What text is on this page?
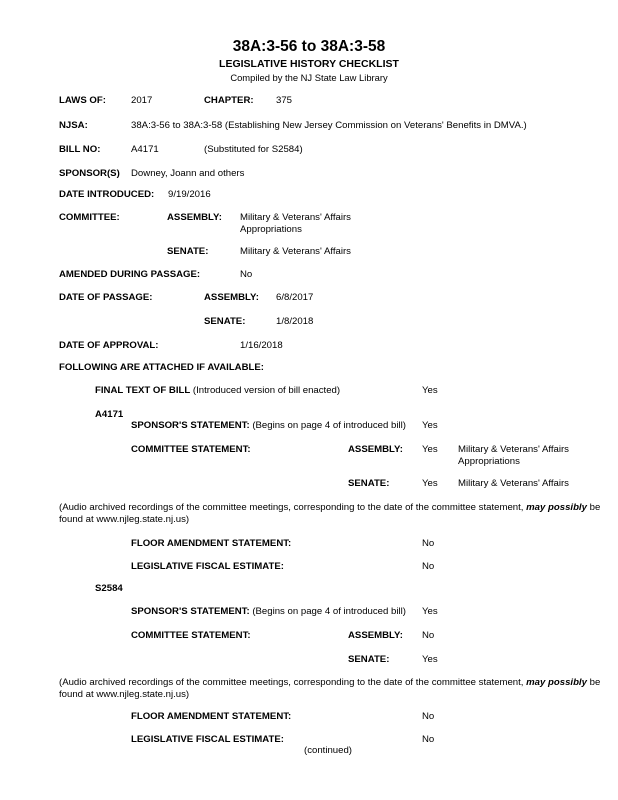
38A:3-56 to 38A:3-58
LEGISLATIVE HISTORY CHECKLIST
Compiled by the NJ State Law Library
LAWS OF:	2017	CHAPTER: 375
NJSA:	38A:3-56 to 38A:3-58 (Establishing New Jersey Commission on Veterans' Benefits in DMVA.)
BILL NO:	A4171	(Substituted for S2584)
SPONSOR(S) Downey, Joann and others
DATE INTRODUCED: 9/19/2016
COMMITTEE:	ASSEMBLY: Military & Veterans' Affairs
Appropriations
SENATE:	Military & Veterans' Affairs
AMENDED DURING PASSAGE:	No
DATE OF PASSAGE:	ASSEMBLY: 6/8/2017
SENATE:	1/8/2018
DATE OF APPROVAL:	1/16/2018
FOLLOWING ARE ATTACHED IF AVAILABLE:
FINAL TEXT OF BILL (Introduced version of bill enacted)	Yes
A4171
SPONSOR'S STATEMENT: (Begins on page 4 of introduced bill) Yes
COMMITTEE STATEMENT:	ASSEMBLY: Yes Military & Veterans' Affairs
Appropriations
SENATE:	Yes Military & Veterans' Affairs
(Audio archived recordings of the committee meetings, corresponding to the date of the committee statement, may possibly be found at www.njleg.state.nj.us)
FLOOR AMENDMENT STATEMENT:	No
LEGISLATIVE FISCAL ESTIMATE:	No
S2584
SPONSOR'S STATEMENT: (Begins on page 4 of introduced bill) Yes
COMMITTEE STATEMENT:	ASSEMBLY: No
SENATE:	Yes
(Audio archived recordings of the committee meetings, corresponding to the date of the committee statement, may possibly be found at www.njleg.state.nj.us)
FLOOR AMENDMENT STATEMENT:	No
LEGISLATIVE FISCAL ESTIMATE:	No
(continued)
